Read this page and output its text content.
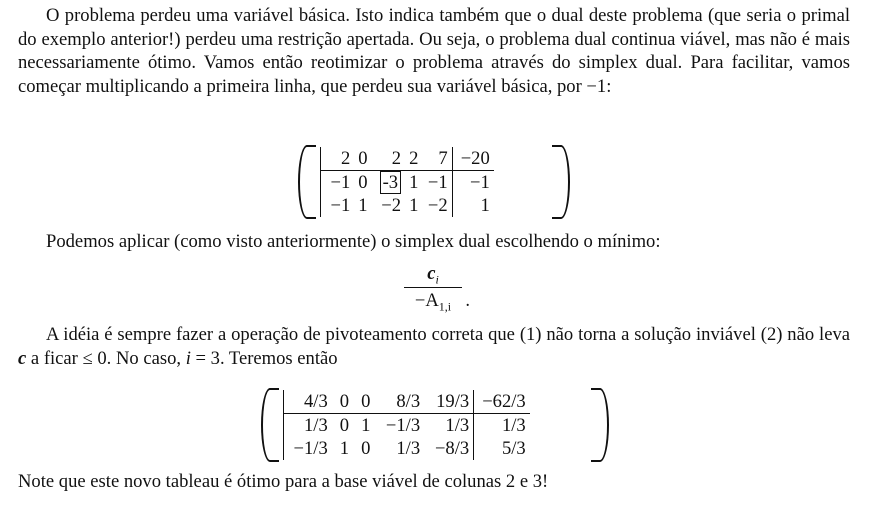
O problema perdeu uma variável básica. Isto indica também que o dual deste problema (que seria o primal do exemplo anterior!) perdeu uma restrição apertada. Ou seja, o problema dual continua viável, mas não é mais necessariamente ótimo. Vamos então reotimizar o problema através do simplex dual. Para facilitar, vamos começar multiplicando a primeira linha, que perdeu sua variável básica, por −1:
2	0	2	2	7	−20
−1	0	-3	1	−1	−1
−1	1	−2	1	−2	1
Podemos aplicar (como visto anteriormente) o simplex dual escolhendo o mínimo:
$c_i$
$-A_{1,i}$ .
A idéia é sempre fazer a operação de pivoteamento correta que (1) não torna a solução inviável (2) não leva c a ficar ≤ 0. No caso, i = 3. Teremos então
4/3	0	0	8/3	19/3	−62/3
1/3	0	1	−1/3	1/3	1/3
−1/3	1	0	1/3	−8/3	5/3
Note que este novo tableau é ótimo para a base viável de colunas 2 e 3!
